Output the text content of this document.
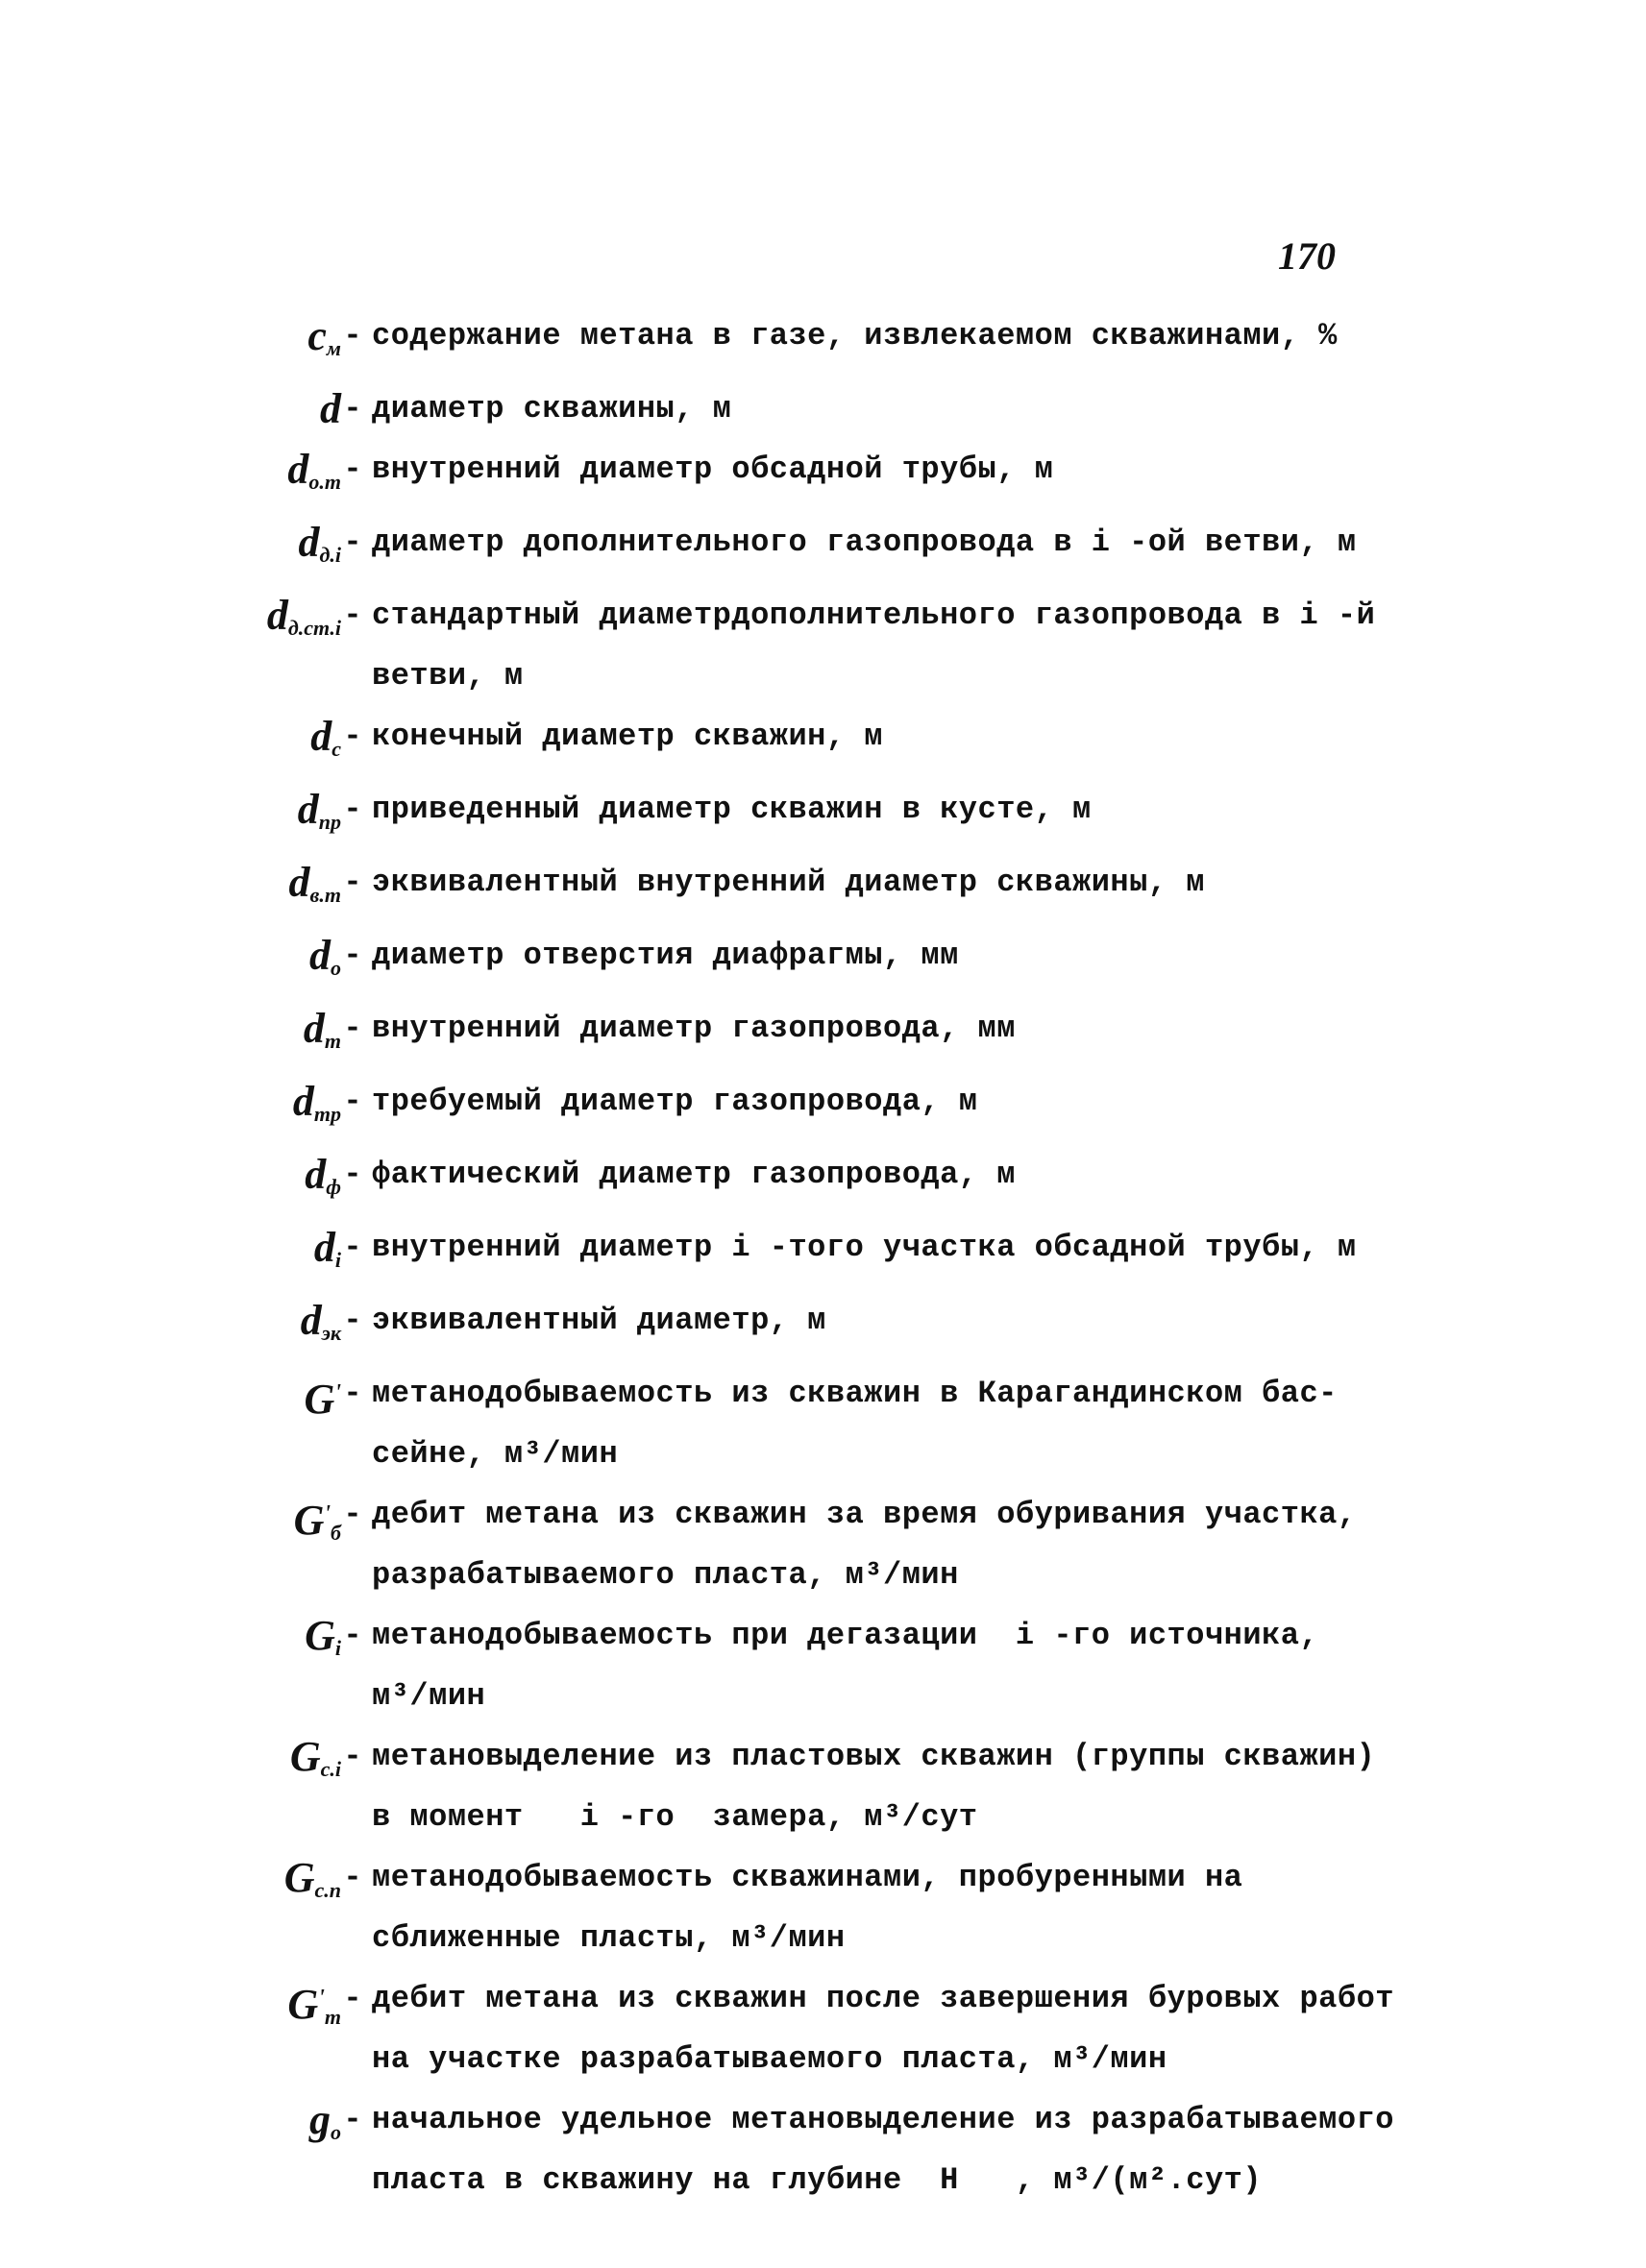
170
$c_м$ - содержание метана в газе, извлекаемом скважинами, %
d - диаметр скважины, м
$d_{о.т}$ - внутренний диаметр обсадной трубы, м
$d_{д.i}$ - диаметр дополнительного газопровода в i -ой ветви, м
$d_{д.ст.i}$ - стандартный диаметрдополнительного газопровода в i -й
ветви, м
$d_с$ - конечный диаметр скважин, м
$d_{пр}$ - приведенный диаметр скважин в кусте, м
$d_{в.т}$ - эквивалентный внутренний диаметр скважины, м
$d_о$ - диаметр отверстия диафрагмы, мм
$d_т$ - внутренний диаметр газопровода, мм
$d_{тр}$ - требуемый диаметр газопровода, м
$d_ф$ - фактический диаметр газопровода, м
$d_i$ - внутренний диаметр i -того участка обсадной трубы, м
$d_{эк}$ - эквивалентный диаметр, м
G' - метанодобываемость из скважин в Карагандинском бас-
сейне, м³/мин
$G'_б$
- дебит метана из скважин за время обуривания участка,
разрабатываемого пласта, м³/мин
$G_i$ - метанодобываемость при дегазации  i -го источника,
м³/мин
$G_{c.i}$ - метановыделение из пластовых скважин (группы скважин)
в момент   i -го  замера, м³/сут
$G_{с.п}$ - метанодобываемость скважинами, пробуренными на
сближенные пласты, м³/мин
$G'_т$
- дебит метана из скважин после завершения буровых работ
на участке разрабатываемого пласта, м³/мин
$g_о$ - начальное удельное метановыделение из разрабатываемого
пласта в скважину на глубине  H   , м³/(м².сут)
